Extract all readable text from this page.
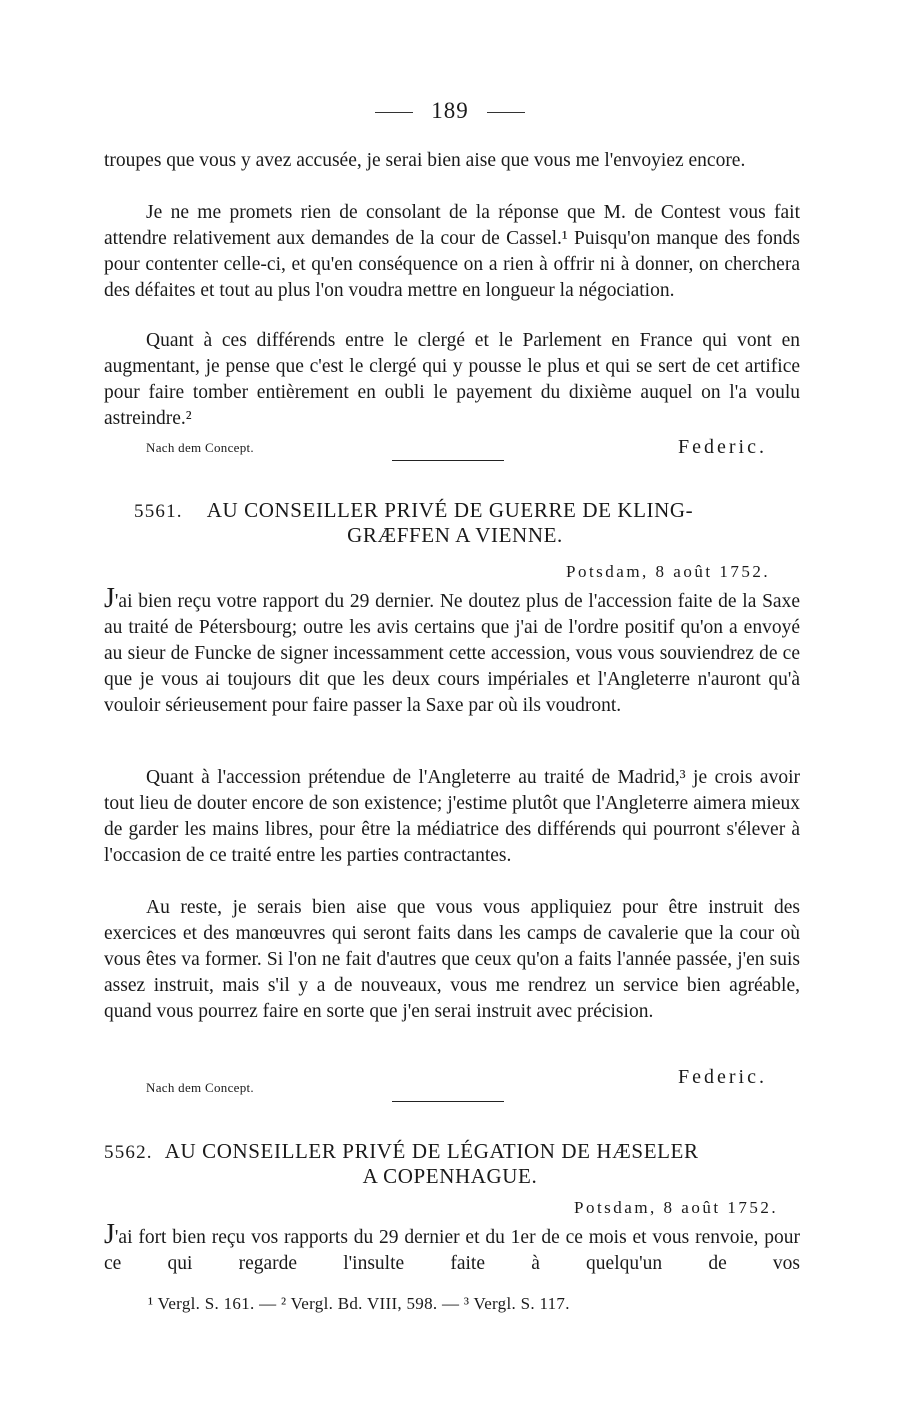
189

troupes que vous y avez accusée, je serai bien aise que vous me l'envoyiez encore.

Je ne me promets rien de consolant de la réponse que M. de Contest vous fait attendre relativement aux demandes de la cour de Cassel.¹ Puisqu'on manque des fonds pour contenter celle-ci, et qu'en conséquence on a rien à offrir ni à donner, on cherchera des défaites et tout au plus l'on voudra mettre en longueur la négociation.

Quant à ces différends entre le clergé et le Parlement en France qui vont en augmentant, je pense que c'est le clergé qui y pousse le plus et qui se sert de cet artifice pour faire tomber entièrement en oubli le payement du dixième auquel on l'a voulu astreindre.²

Nach dem Concept.	Federic.
5561. AU CONSEILLER PRIVÉ DE GUERRE DE KLING-
GRÆFFEN A VIENNE.
Potsdam, 8 août 1752.

J'ai bien reçu votre rapport du 29 dernier. Ne doutez plus de l'accession faite de la Saxe au traité de Pétersbourg; outre les avis certains que j'ai de l'ordre positif qu'on a envoyé au sieur de Funcke de signer incessamment cette accession, vous vous souviendrez de ce que je vous ai toujours dit que les deux cours impériales et l'Angleterre n'auront qu'à vouloir sérieusement pour faire passer la Saxe par où ils voudront.

Quant à l'accession prétendue de l'Angleterre au traité de Madrid,³ je crois avoir tout lieu de douter encore de son existence; j'estime plutôt que l'Angleterre aimera mieux de garder les mains libres, pour être la médiatrice des différends qui pourront s'élever à l'occasion de ce traité entre les parties contractantes.

Au reste, je serais bien aise que vous vous appliquiez pour être instruit des exercices et des manœuvres qui seront faits dans les camps de cavalerie que la cour où vous êtes va former. Si l'on ne fait d'autres que ceux qu'on a faits l'année passée, j'en suis assez instruit, mais s'il y a de nouveaux, vous me rendrez un service bien agréable, quand vous pourrez faire en sorte que j'en serai instruit avec précision.

Nach dem Concept.	Federic.
5562. AU CONSEILLER PRIVÉ DE LÉGATION DE HÆSELER
A COPENHAGUE.
Potsdam, 8 août 1752.

J'ai fort bien reçu vos rapports du 29 dernier et du 1er de ce mois et vous renvoie, pour ce qui regarde l'insulte faite à quelqu'un de vos

¹ Vergl. S. 161. — ² Vergl. Bd. VIII, 598. — ³ Vergl. S. 117.
